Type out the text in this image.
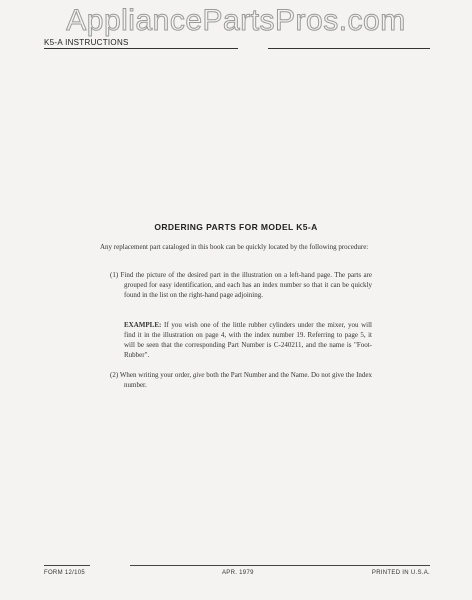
AppliancePartsPros.com
K5-A INSTRUCTIONS
ORDERING PARTS FOR MODEL K5-A
Any replacement part cataloged in this book can be quickly located by the following procedure:
(1) Find the picture of the desired part in the illustration on a left-hand page. The parts are grouped for easy identification, and each has an index number so that it can be quickly found in the list on the right-hand page adjoining.
EXAMPLE: If you wish one of the little rubber cylinders under the mixer, you will find it in the illustration on page 4, with the index number 19. Referring to page 5, it will be seen that the corresponding Part Number is C-240211, and the name is "Foot-Rubber".
(2) When writing your order, give both the Part Number and the Name. Do not give the Index number.
FORM 12/105	APR. 1979	PRINTED IN U.S.A.
